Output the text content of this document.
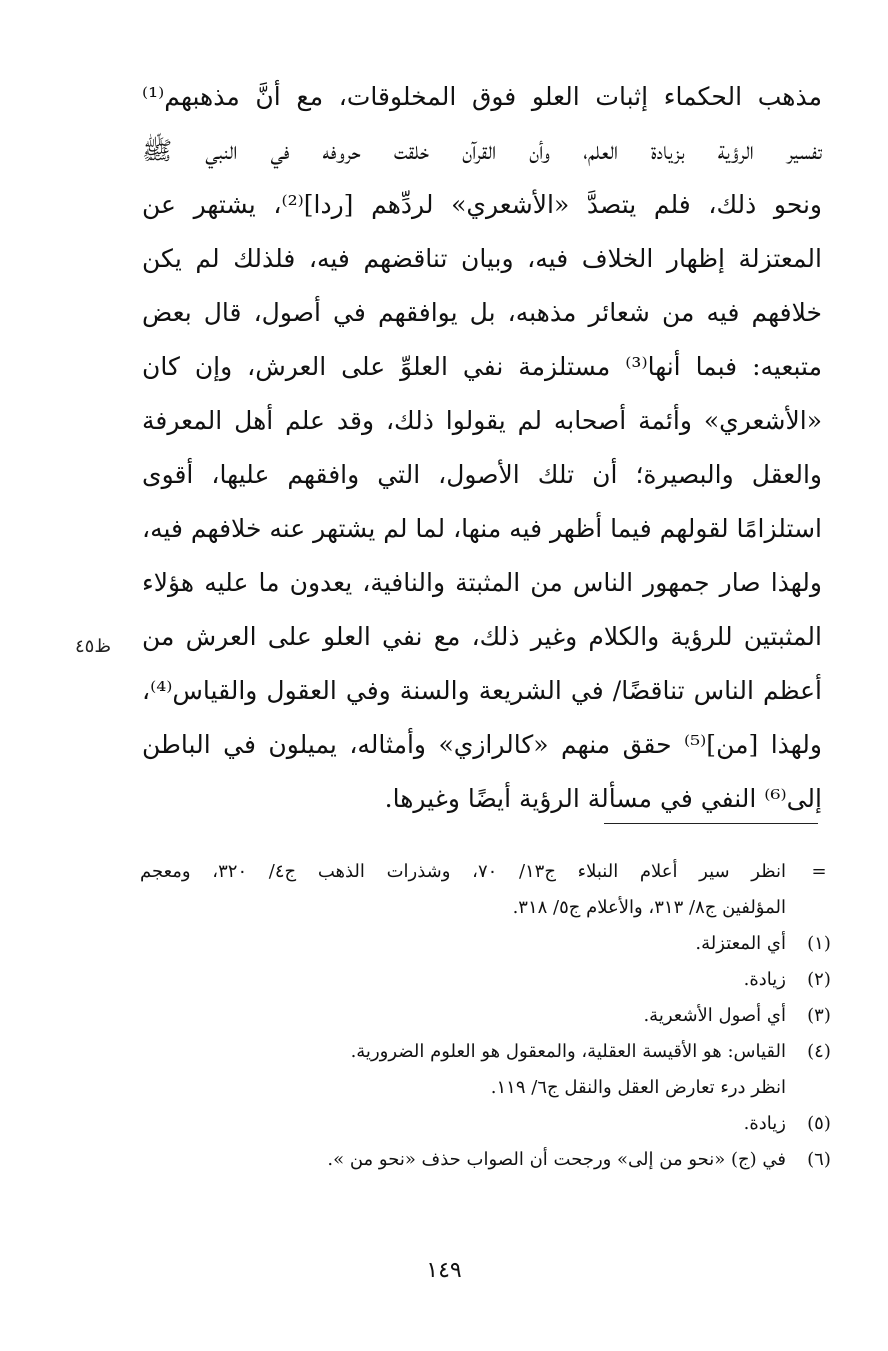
مذهب الحكماء إثبات العلو فوق المخلوقات، مع أنَّ مذهبهم⁽¹⁾
تفسير الرؤية بزيادة العلم، وأن القرآن خلقت حروفه في النبي ﷺ
ونحو ذلك، فلم يتصدَّ «الأشعري» لردِّهم [ردا]⁽²⁾، يشتهر عن
المعتزلة إظهار الخلاف فيه، وبيان تناقضهم فيه، فلذلك لم يكن
خلافهم فيه من شعائر مذهبه، بل يوافقهم في أصول، قال بعض
متبعيه: فبما أنها⁽³⁾ مستلزمة نفي العلوِّ على العرش، وإن كان
«الأشعري» وأئمة أصحابه لم يقولوا ذلك، وقد علم أهل المعرفة
والعقل والبصيرة؛ أن تلك الأصول، التي وافقهم عليها، أقوى
استلزامًا لقولهم فيما أظهر فيه منها، لما لم يشتهر عنه خلافهم فيه،
ولهذا صار جمهور الناس من المثبتة والنافية، يعدون ما عليه هؤلاء
المثبتين للرؤية والكلام وغير ذلك، مع نفي العلو على العرش من
أعظم الناس تناقضًا/ في الشريعة والسنة وفي العقول والقياس⁽⁴⁾،
ولهذا [من]⁽⁵⁾ حقق منهم «كالرازي» وأمثاله، يميلون في الباطن
إلى⁽⁶⁾ النفي في مسألة الرؤية أيضًا وغيرها.
ظ٤٥
=
انظر سير أعلام النبلاء ج١٣/ ٧٠، وشذرات الذهب ج٤/ ٣٢٠، ومعجم
المؤلفين ج٨/ ٣١٣، والأعلام ج٥/ ٣١٨.
(١)
أي المعتزلة.
(٢)
زيادة.
(٣)
أي أصول الأشعرية.
(٤)
القياس: هو الأقيسة العقلية، والمعقول هو العلوم الضرورية.
انظر درء تعارض العقل والنقل ج٦/ ١١٩.
(٥)
زيادة.
(٦)
في (ج) «نحو من إلى» ورجحت أن الصواب حذف «نحو من ».
١٤٩
